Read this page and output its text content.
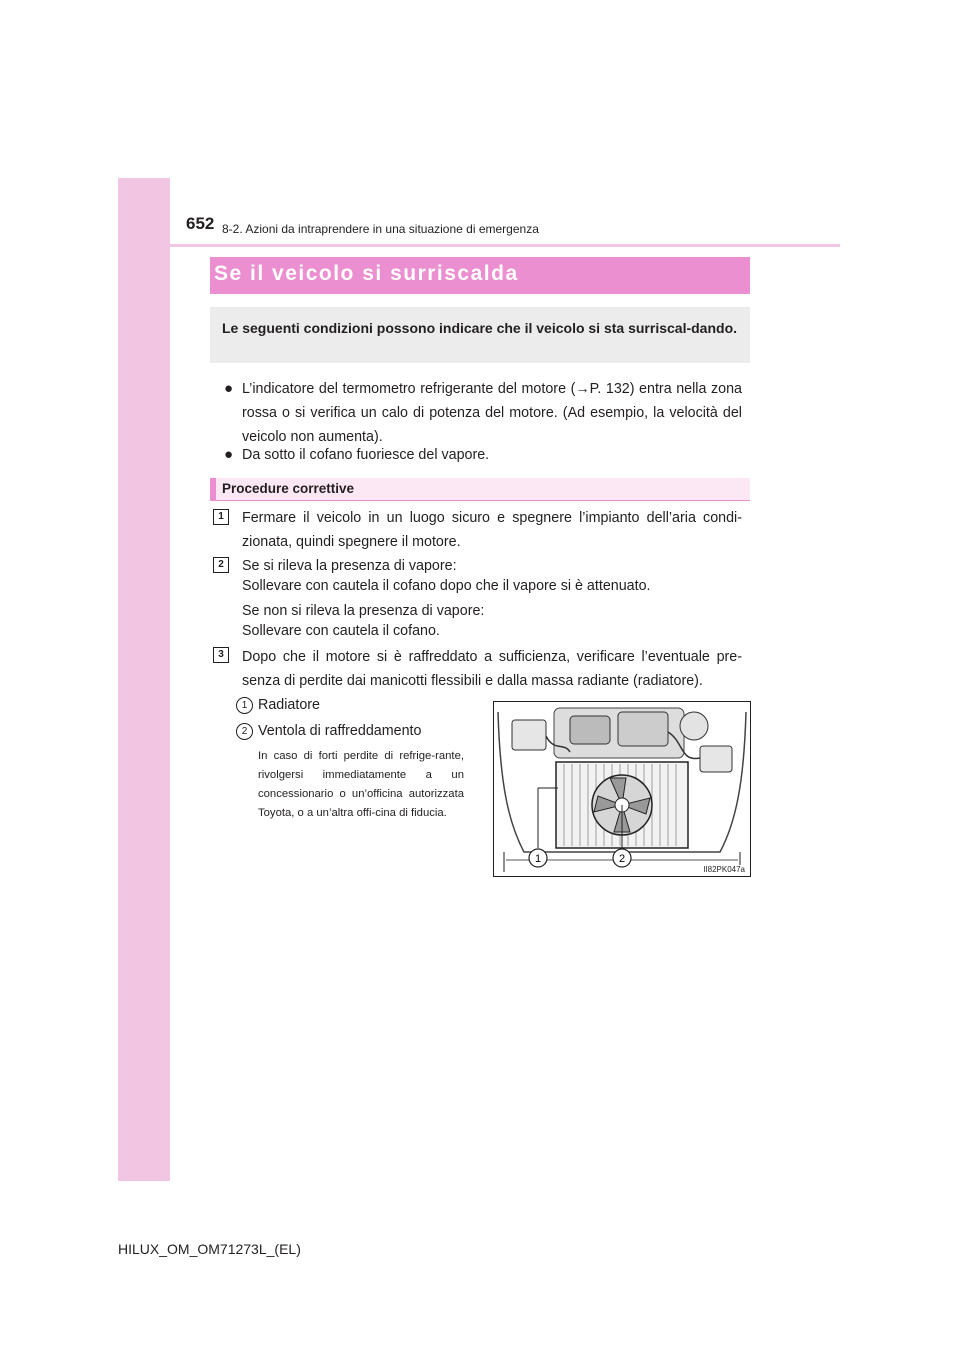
652 8-2. Azioni da intraprendere in una situazione di emergenza
Se il veicolo si surriscalda
Le seguenti condizioni possono indicare che il veicolo si sta surriscal-dando.
● L’indicatore del termometro refrigerante del motore (→P. 132) entra nella zona rossa o si verifica un calo di potenza del motore. (Ad esempio, la velocità del veicolo non aumenta).
● Da sotto il cofano fuoriesce del vapore.
Procedure correttive
1	Fermare il veicolo in un luogo sicuro e spegnere l’impianto dell’aria condi-zionata, quindi spegnere il motore.
2	Se si rileva la presenza di vapore:
Sollevare con cautela il cofano dopo che il vapore si è attenuato.
Se non si rileva la presenza di vapore:
Sollevare con cautela il cofano.
3	Dopo che il motore si è raffreddato a sufficienza, verificare l’eventuale pre-senza di perdite dai manicotti flessibili e dalla massa radiante (radiatore).
1 Radiatore
2 Ventola di raffreddamento
In caso di forti perdite di refrige-rante, rivolgersi immediatamente a un concessionario o un’officina autorizzata Toyota, o a un’altra offi-cina di fiducia.
1	2
II82PK047a
HILUX_OM_OM71273L_(EL)
